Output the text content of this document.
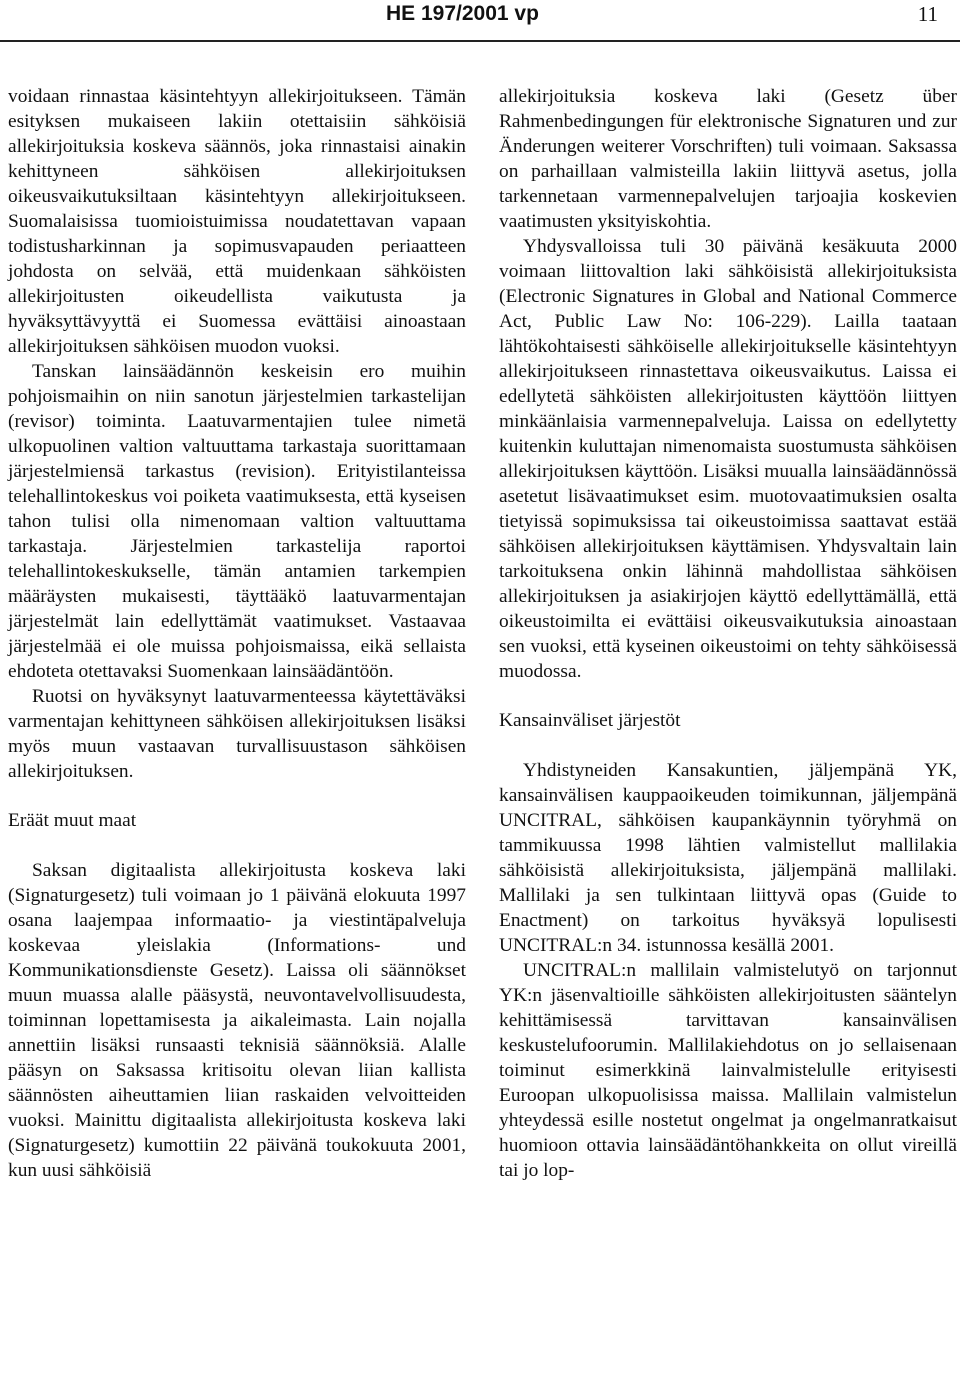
HE 197/2001 vp	11

voidaan rinnastaa käsintehtyyn allekirjoitukseen. Tämän esityksen mukaiseen lakiin otettaisiin sähköisiä allekirjoituksia koskeva säännös, joka rinnastaisi ainakin kehittyneen sähköisen allekirjoituksen oikeusvaikutuksiltaan käsintehtyyn allekirjoitukseen. Suomalaisissa tuomioistuimissa noudatettavan vapaan todistusharkinnan ja sopimusvapauden periaatteen johdosta on selvää, että muidenkaan sähköisten allekirjoitusten oikeudellista vaikutusta ja hyväksyttävyyttä ei Suomessa evättäisi ainoastaan allekirjoituksen sähköisen muodon vuoksi.

Tanskan lainsäädännön keskeisin ero muihin pohjoismaihin on niin sanotun järjestelmien tarkastelijan (revisor) toiminta. Laatuvarmentajien tulee nimetä ulkopuolinen valtion valtuuttama tarkastaja suorittamaan järjestelmiensä tarkastus (revision). Erityistilanteissa telehallintokeskus voi poiketa vaatimuksesta, että kyseisen tahon tulisi olla nimenomaan valtion valtuuttama tarkastaja. Järjestelmien tarkastelija raportoi telehallintokeskukselle, tämän antamien tarkempien määräysten mukaisesti, täyttääkö laatuvarmentajan järjestelmät lain edellyttämät vaatimukset. Vastaavaa järjestelmää ei ole muissa pohjoismaissa, eikä sellaista ehdoteta otettavaksi Suomenkaan lainsäädäntöön.

Ruotsi on hyväksynyt laatuvarmenteessa käytettäväksi varmentajan kehittyneen sähköisen allekirjoituksen lisäksi myös muun vastaavan turvallisuustason sähköisen allekirjoituksen.

Eräät muut maat

Saksan digitaalista allekirjoitusta koskeva laki (Signaturgesetz) tuli voimaan jo 1 päivänä elokuuta 1997 osana laajempaa informaatio- ja viestintäpalveluja koskevaa yleislakia (Informations- und Kommunikationsdienste Gesetz). Laissa oli säännökset muun muassa alalle pääsystä, neuvontavelvollisuudesta, toiminnan lopettamisesta ja aikaleimasta. Lain nojalla annettiin lisäksi runsaasti teknisiä säännöksiä. Alalle pääsyn on Saksassa kritisoitu olevan liian kallista säännösten aiheuttamien liian raskaiden velvoitteiden vuoksi. Mainittu digitaalista allekirjoitusta koskeva laki (Signaturgesetz) kumottiin 22 päivänä toukokuuta 2001, kun uusi sähköisiä

allekirjoituksia koskeva laki (Gesetz über Rahmenbedingungen für elektronische Signaturen und zur Änderungen weiterer Vorschriften) tuli voimaan. Saksassa on parhaillaan valmisteilla lakiin liittyvä asetus, jolla tarkennetaan varmennepalvelujen tarjoajia koskevien vaatimusten yksityiskohtia.

Yhdysvalloissa tuli 30 päivänä kesäkuuta 2000 voimaan liittovaltion laki sähköisistä allekirjoituksista (Electronic Signatures in Global and National Commerce Act, Public Law No: 106-229). Lailla taataan lähtökohtaisesti sähköiselle allekirjoitukselle käsintehtyyn allekirjoitukseen rinnastettava oikeusvaikutus. Laissa ei edellytetä sähköisten allekirjoitusten käyttöön liittyen minkäänlaisia varmennepalveluja. Laissa on edellytetty kuitenkin kuluttajan nimenomaista suostumusta sähköisen allekirjoituksen käyttöön. Lisäksi muualla lainsäädännössä asetetut lisävaatimukset esim. muotovaatimuksien osalta tietyissä sopimuksissa tai oikeustoimissa saattavat estää sähköisen allekirjoituksen käyttämisen. Yhdysvaltain lain tarkoituksena onkin lähinnä mahdollistaa sähköisen allekirjoituksen ja asiakirjojen käyttö edellyttämällä, että oikeustoimilta ei evättäisi oikeusvaikutuksia ainoastaan sen vuoksi, että kyseinen oikeustoimi on tehty sähköisessä muodossa.

Kansainväliset järjestöt

Yhdistyneiden Kansakuntien, jäljempänä YK, kansainvälisen kauppaoikeuden toimikunnan, jäljempänä UNCITRAL, sähköisen kaupankäynnin työryhmä on tammikuussa 1998 lähtien valmistellut mallilakia sähköisistä allekirjoituksista, jäljempänä mallilaki. Mallilaki ja sen tulkintaan liittyvä opas (Guide to Enactment) on tarkoitus hyväksyä lopulisesti UNCITRAL:n 34. istunnossa kesällä 2001.

UNCITRAL:n mallilain valmistelutyö on tarjonnut YK:n jäsenvaltioille sähköisten allekirjoitusten sääntelyn kehittämisessä tarvittavan kansainvälisen keskustelufoorumin. Mallilakiehdotus on jo sellaisenaan toiminut esimerkkinä lainvalmistelulle erityisesti Euroopan ulkopuolisissa maissa. Mallilain valmistelun yhteydessä esille nostetut ongelmat ja ongelmanratkaisut huomioon ottavia lainsäädäntöhankkeita on ollut vireillä tai jo lop-
